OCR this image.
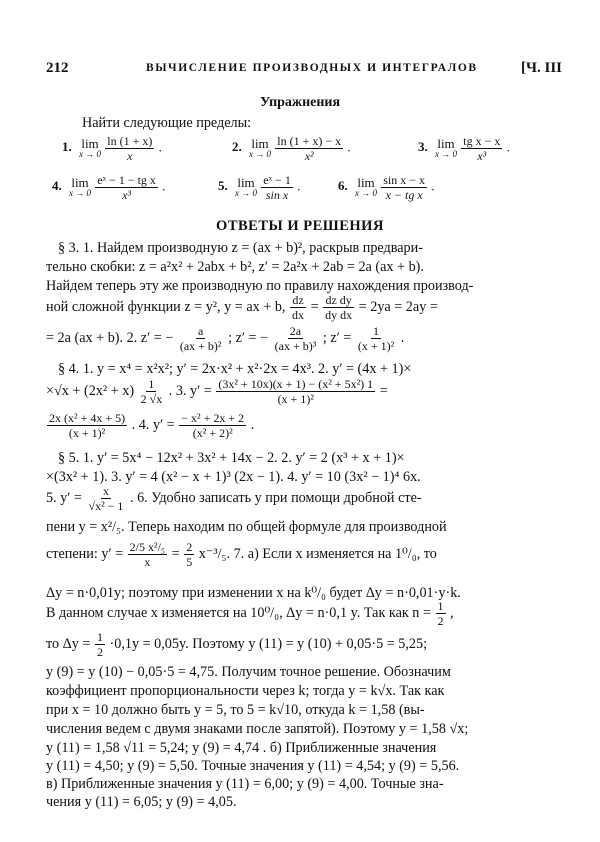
212	ВЫЧИСЛЕНИЕ ПРОИЗВОДНЫХ И ИНТЕГРАЛОВ	[Ч. III
Упражнения
Найти следующие пределы:
1. lim
x → 0
$\frac{\ln (1 + x)}{x}$ .	2. lim
x → 0
$\frac{\ln (1 + x) - x}{\text{x²}}$ .	3. lim
x → 0
$\frac{\text{tg x − x}}{\text{x³}}$ .
4. lim
x → 0
$\frac{\text{eˣ − 1 − tg x}}{\text{x³}}$ .	5. lim
x → 0
$\frac{\text{eˣ − 1}}{\text{sin x}}$ .	6. lim
x → 0
$\frac{\text{sin x − x}}{\text{x − tg x}}$ .
ОТВЕТЫ И РЕШЕНИЯ
§ 3. 1. Найдем производную z = (ax + b)², раскрыв предвари-
тельно скобки: z = a²x² + 2abx + b², z′ = 2a²x + 2ab = 2a (ax + b).
Найдем теперь эту же производную по правилу нахождения производ-
ной сложной функции z = y², y = ax + b, $\frac{dz}{dx} = \frac{\text{dz dy}}{\text{dy dx}} = 2ya = 2ay$ =
= 2a (ax + b). 2. z′ = − $\frac{a}{\text{(ax + b)²}}$ ; z′ = − $\frac{2a}{\text{(ax + b)³}}$ ; $z' = \frac{1}{\text{(x + 1)²}}$ .
§ 4. 1. y = x⁴ = x²x²; y′ = 2x·x² + x²·2x = 4x³. 2. y′ = (4x + 1)×
$\times√x + (2x^2 + x) \frac{1}{2 √x}$ . 3. $y' = \frac{\text{(3x² + 10x)(x + 1) − (x² + 5x²) 1}}{\text{(x + 1)²}}$ =
$\frac{\text{2x (x² + 4x + 5)}}{\text{(x + 1)²}}$ . 4. $y' = \frac{\text{− x² + 2x + 2}}{\text{(x² + 2)²}}$ .
§ 5. 1. y′ = 5x⁴ − 12x² + 3x² + 14x − 2. 2. y′ = 2 (x³ + x + 1)×
×(3x² + 1). 3. y′ = 4 (x² − x + 1)³ (2x − 1). 4. y′ = 10 (3x² − 1)⁴ 6x.
5. $y' = \frac{x}{\text{√x² − 1}}$ . 6. Удобно записать y при помощи дробной сте-
пени y = x²/₅. Теперь находим по общей формуле для производной
степени: $y' = \frac{\text{2/5 x²/₅}}{x} = \frac{2}{5} x^{-3}/_5$. 7. а) Если x изменяется на 1⁰/₀, то
Δy = n·0,01y; поэтому при изменении x на k⁰/₀ будет Δy = n·0,01·y·k.
В данном случае x изменяется на 10⁰/₀, Δy = n·0,1 y. Так как $n = \frac{1}{2}$ ,
то $\Delta y = \frac{1}{2} \cdot 0,1y = 0,05y$. Поэтому y (11) = y (10) + 0,05·5 = 5,25;
y (9) = y (10) − 0,05·5 = 4,75. Получим точное решение. Обозначим
коэффициент пропорциональности через k; тогда y = k√x. Так как
при x = 10 должно быть y = 5, то 5 = k√10, откуда k = 1,58 (вы-
числения ведем с двумя знаками после запятой). Поэтому y = 1,58 √x;
y (11) = 1,58 √11 = 5,24; y (9) = 4,74 . б) Приближенные значения
y (11) = 4,50; y (9) = 5,50. Точные значения y (11) = 4,54; y (9) = 5,56.
в) Приближенные значения y (11) = 6,00; y (9) = 4,00. Точные зна-
чения y (11) = 6,05; y (9) = 4,05.
